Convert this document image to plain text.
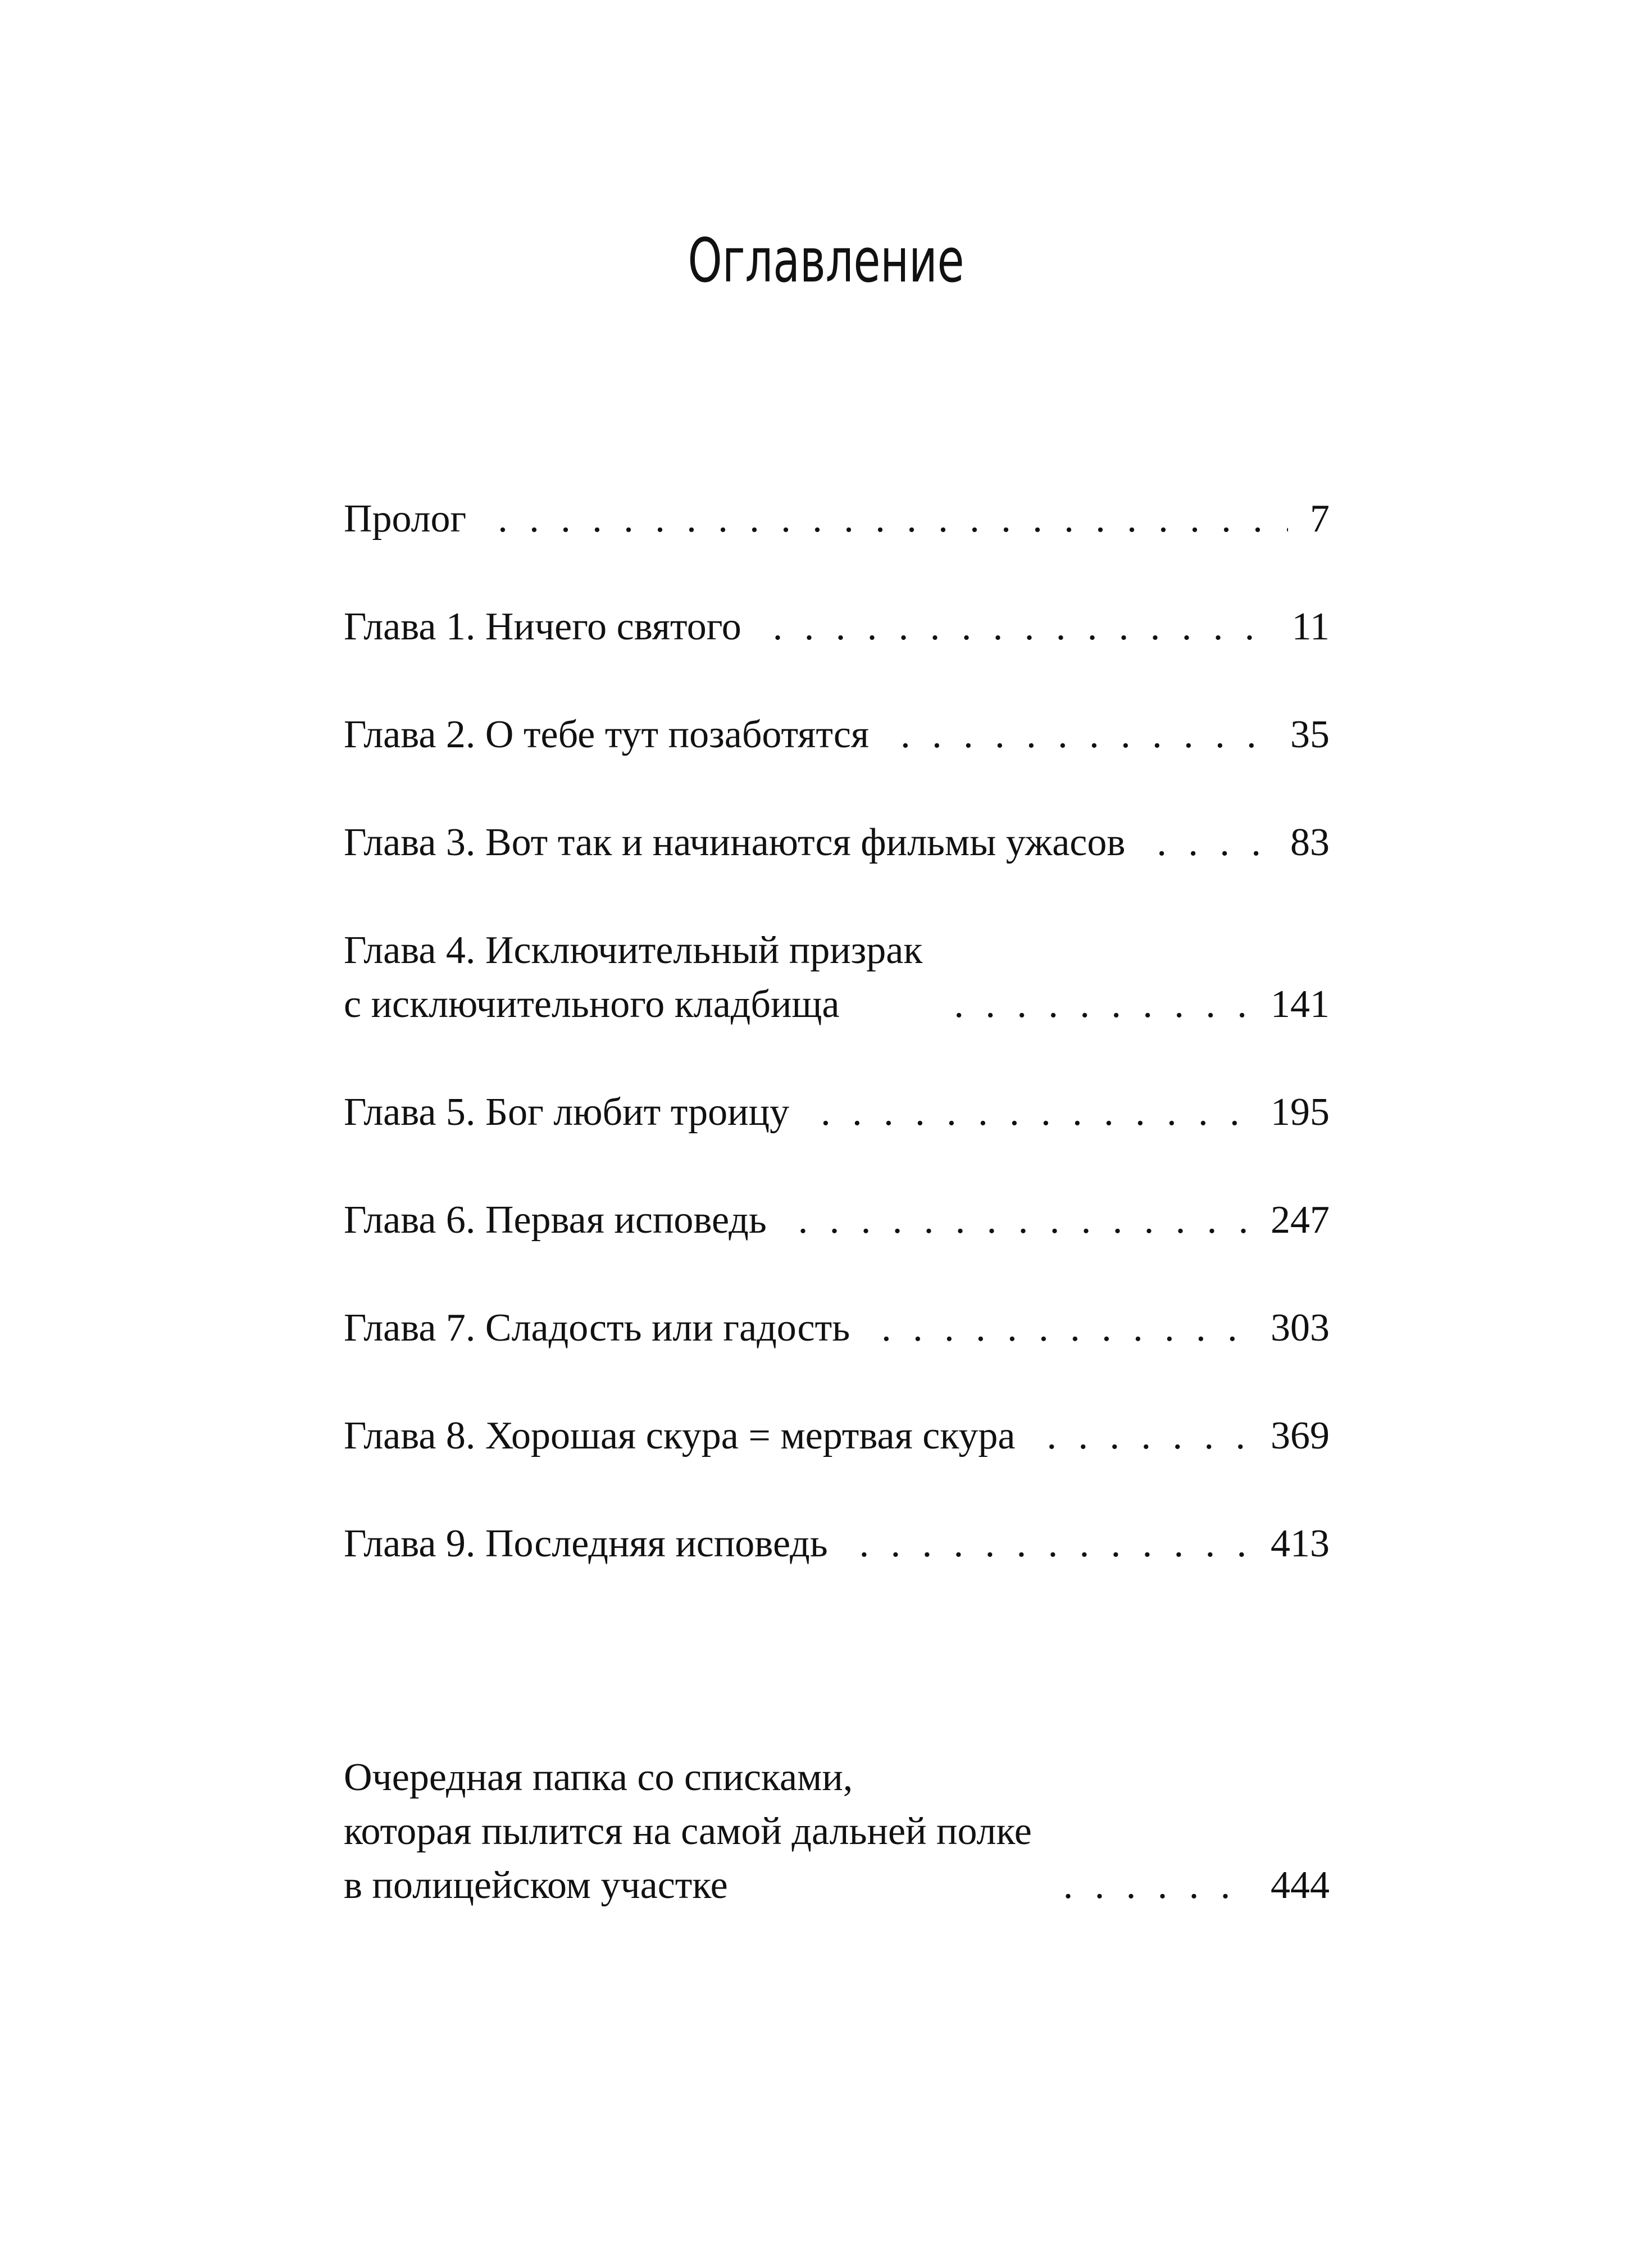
Оглавление
Пролог . . .	7
Глава 1. Ничего святого . . .	11
Глава 2. О тебе тут позаботятся . . .	35
Глава 3. Вот так и начинаются фильмы ужасов . . .	83
Глава 4. Исключительный призрак
с исключительного кладбища . . .	141
Глава 5. Бог любит троицу . . .	195
Глава 6. Первая исповедь . . .	247
Глава 7. Сладость или гадость . . .	303
Глава 8. Хорошая скура = мертвая скура . . .	369
Глава 9. Последняя исповедь . . .	413
Очередная папка со списками,
которая пылится на самой дальней полке
в полицейском участке . . .	444
